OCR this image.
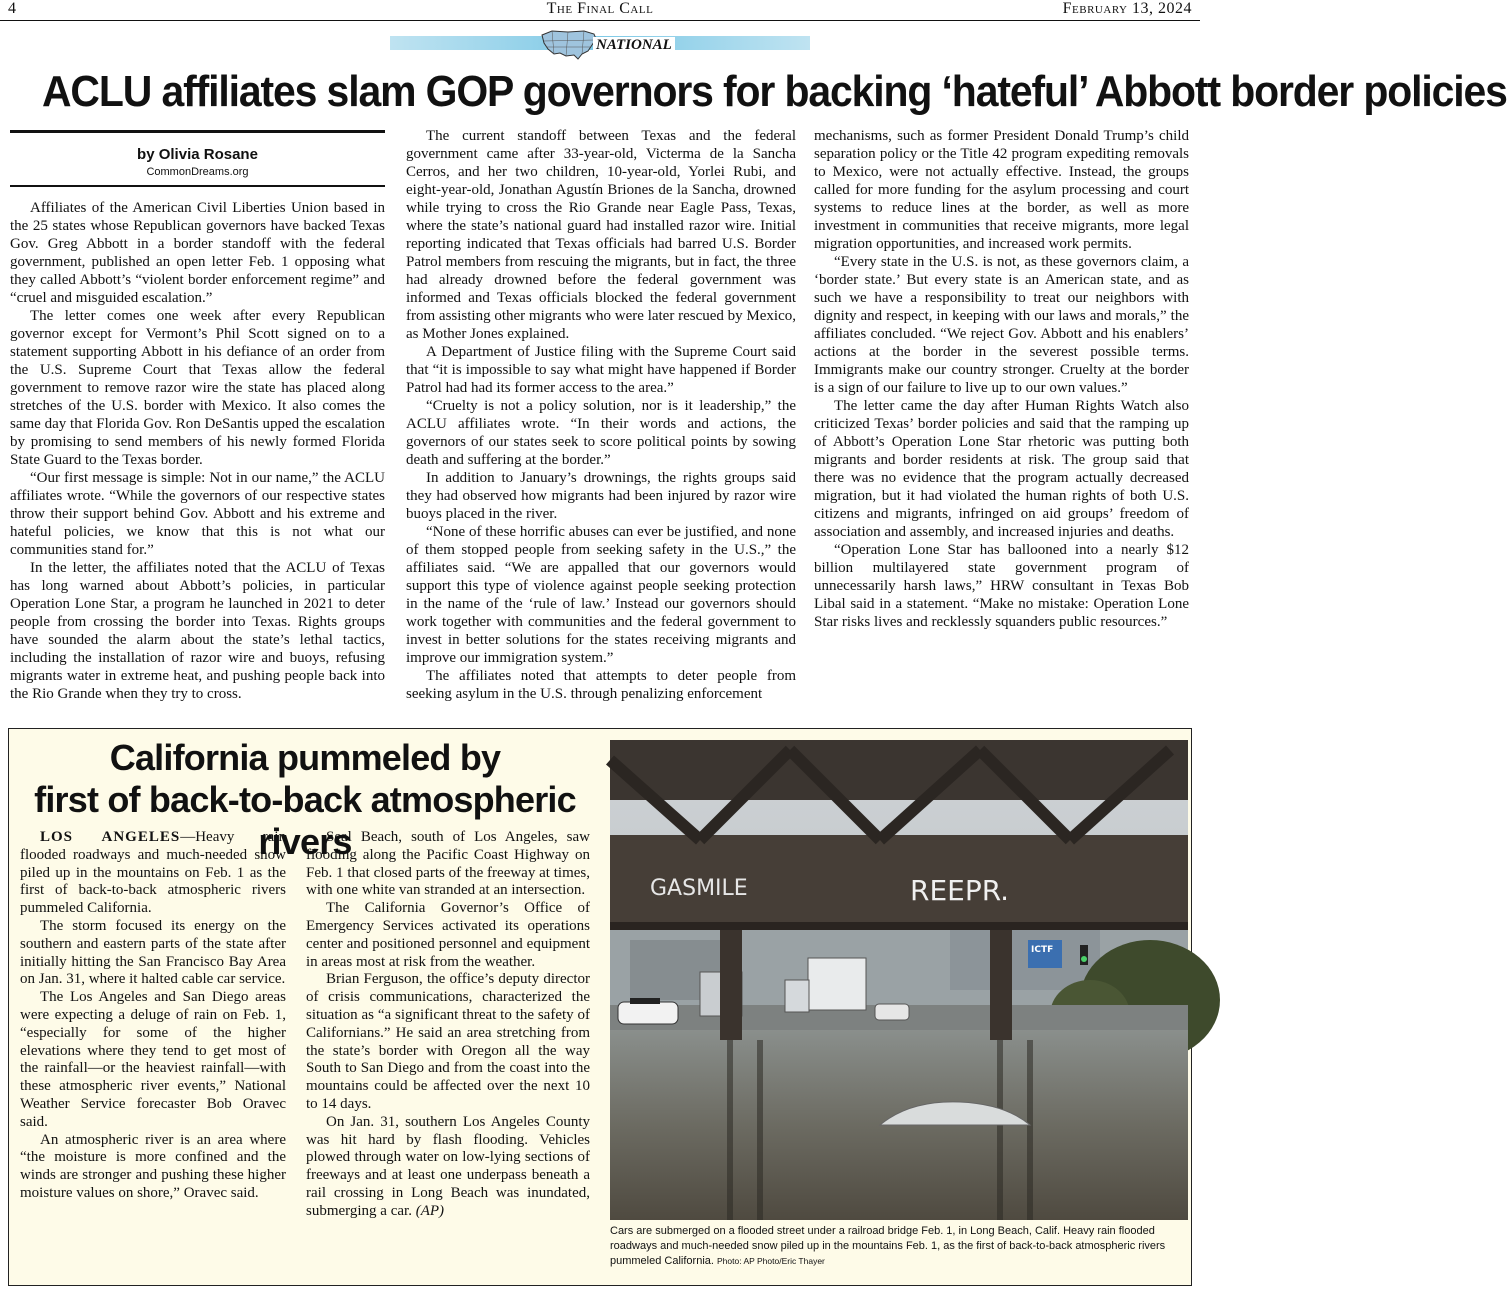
4	The Final Call	February 13, 2024
NATIONAL
ACLU affiliates slam GOP governors for backing ‘hateful’ Abbott border policies
by Olivia Rosane
CommonDreams.org

Affiliates of the American Civil Liberties Union based in the 25 states whose Republican governors have backed Texas Gov. Greg Abbott in a border standoff with the federal government, published an open letter Feb. 1 opposing what they called Abbott’s “violent border enforcement regime” and “cruel and misguided escalation.”

The letter comes one week after every Republican governor except for Vermont’s Phil Scott signed on to a statement supporting Abbott in his defiance of an order from the U.S. Supreme Court that Texas allow the federal government to remove razor wire the state has placed along stretches of the U.S. border with Mexico. It also comes the same day that Florida Gov. Ron DeSantis upped the escalation by promising to send members of his newly formed Florida State Guard to the Texas border.

“Our first message is simple: Not in our name,” the ACLU affiliates wrote. “While the governors of our respective states throw their support behind Gov. Abbott and his extreme and hateful policies, we know that this is not what our communities stand for.”

In the letter, the affiliates noted that the ACLU of Texas has long warned about Abbott’s policies, in particular Operation Lone Star, a program he launched in 2021 to deter people from crossing the border into Texas. Rights groups have sounded the alarm about the state’s lethal tactics, including the installation of razor wire and buoys, refusing migrants water in extreme heat, and pushing people back into the Rio Grande when they try to cross.

The current standoff between Texas and the federal government came after 33-year-old, Victerma de la Sancha Cerros, and her two children, 10-year-old, Yorlei Rubi, and eight-year-old, Jonathan Agustín Briones de la Sancha, drowned while trying to cross the Rio Grande near Eagle Pass, Texas, where the state’s national guard had installed razor wire. Initial reporting indicated that Texas officials had barred U.S. Border Patrol members from rescuing the migrants, but in fact, the three had already drowned before the federal government was informed and Texas officials blocked the federal government from assisting other migrants who were later rescued by Mexico, as Mother Jones explained.

A Department of Justice filing with the Supreme Court said that “it is impossible to say what might have happened if Border Patrol had had its former access to the area.”

“Cruelty is not a policy solution, nor is it leadership,” the ACLU affiliates wrote. “In their words and actions, the governors of our states seek to score political points by sowing death and suffering at the border.”

In addition to January’s drownings, the rights groups said they had observed how migrants had been injured by razor wire buoys placed in the river.

“None of these horrific abuses can ever be justified, and none of them stopped people from seeking safety in the U.S.,” the affiliates said. “We are appalled that our governors would support this type of violence against people seeking protection in the name of the ‘rule of law.’ Instead our governors should work together with communities and the federal government to invest in better solutions for the states receiving migrants and improve our immigration system.”

The affiliates noted that attempts to deter people from seeking asylum in the U.S. through penalizing enforcement

mechanisms, such as former President Donald Trump’s child separation policy or the Title 42 program expediting removals to Mexico, were not actually effective. Instead, the groups called for more funding for the asylum processing and court systems to reduce lines at the border, as well as more investment in communities that receive migrants, more legal migration opportunities, and increased work permits.

“Every state in the U.S. is not, as these governors claim, a ‘border state.’ But every state is an American state, and as such we have a responsibility to treat our neighbors with dignity and respect, in keeping with our laws and morals,” the affiliates concluded. “We reject Gov. Abbott and his enablers’ actions at the border in the severest possible terms. Immigrants make our country stronger. Cruelty at the border is a sign of our failure to live up to our own values.”

The letter came the day after Human Rights Watch also criticized Texas’ border policies and said that the ramping up of Abbott’s Operation Lone Star rhetoric was putting both migrants and border residents at risk. The group said that there was no evidence that the program actually decreased migration, but it had violated the human rights of both U.S. citizens and migrants, infringed on aid groups’ freedom of association and assembly, and increased injuries and deaths.

“Operation Lone Star has ballooned into a nearly $12 billion multilayered state government program of unnecessarily harsh laws,” HRW consultant in Texas Bob Libal said in a statement. “Make no mistake: Operation Lone Star risks lives and recklessly squanders public resources.”

California pummeled by
first of back-to-back atmospheric rivers

LOS ANGELES—Heavy rain flooded roadways and much-needed snow piled up in the mountains on Feb. 1 as the first of back-to-back atmospheric rivers pummeled California.

The storm focused its energy on the southern and eastern parts of the state after initially hitting the San Francisco Bay Area on Jan. 31, where it halted cable car service.

The Los Angeles and San Diego areas were expecting a deluge of rain on Feb. 1, “especially for some of the higher elevations where they tend to get most of the rainfall—or the heaviest rainfall—with these atmospheric river events,” National Weather Service forecaster Bob Oravec said.

An atmospheric river is an area where “the moisture is more confined and the winds are stronger and pushing these higher moisture values on shore,” Oravec said.

Seal Beach, south of Los Angeles, saw flooding along the Pacific Coast Highway on Feb. 1 that closed parts of the freeway at times, with one white van stranded at an intersection.

The California Governor’s Office of Emergency Services activated its operations center and positioned personnel and equipment in areas most at risk from the weather.

Brian Ferguson, the office’s deputy director of crisis communications, characterized the situation as “a significant threat to the safety of Californians.” He said an area stretching from the state’s border with Oregon all the way South to San Diego and from the coast into the mountains could be affected over the next 10 to 14 days.

On Jan. 31, southern Los Angeles County was hit hard by flash flooding. Vehicles plowed through water on low-lying sections of freeways and at least one underpass beneath a rail crossing in Long Beach was inundated, submerging a car. (AP)

GASMILE	REEPR.
ICTF
Cars are submerged on a flooded street under a railroad bridge Feb. 1, in Long Beach, Calif. Heavy rain flooded roadways and much-needed snow piled up in the mountains Feb. 1, as the first of back-to-back atmospheric rivers pummeled California. Photo: AP Photo/Eric Thayer
